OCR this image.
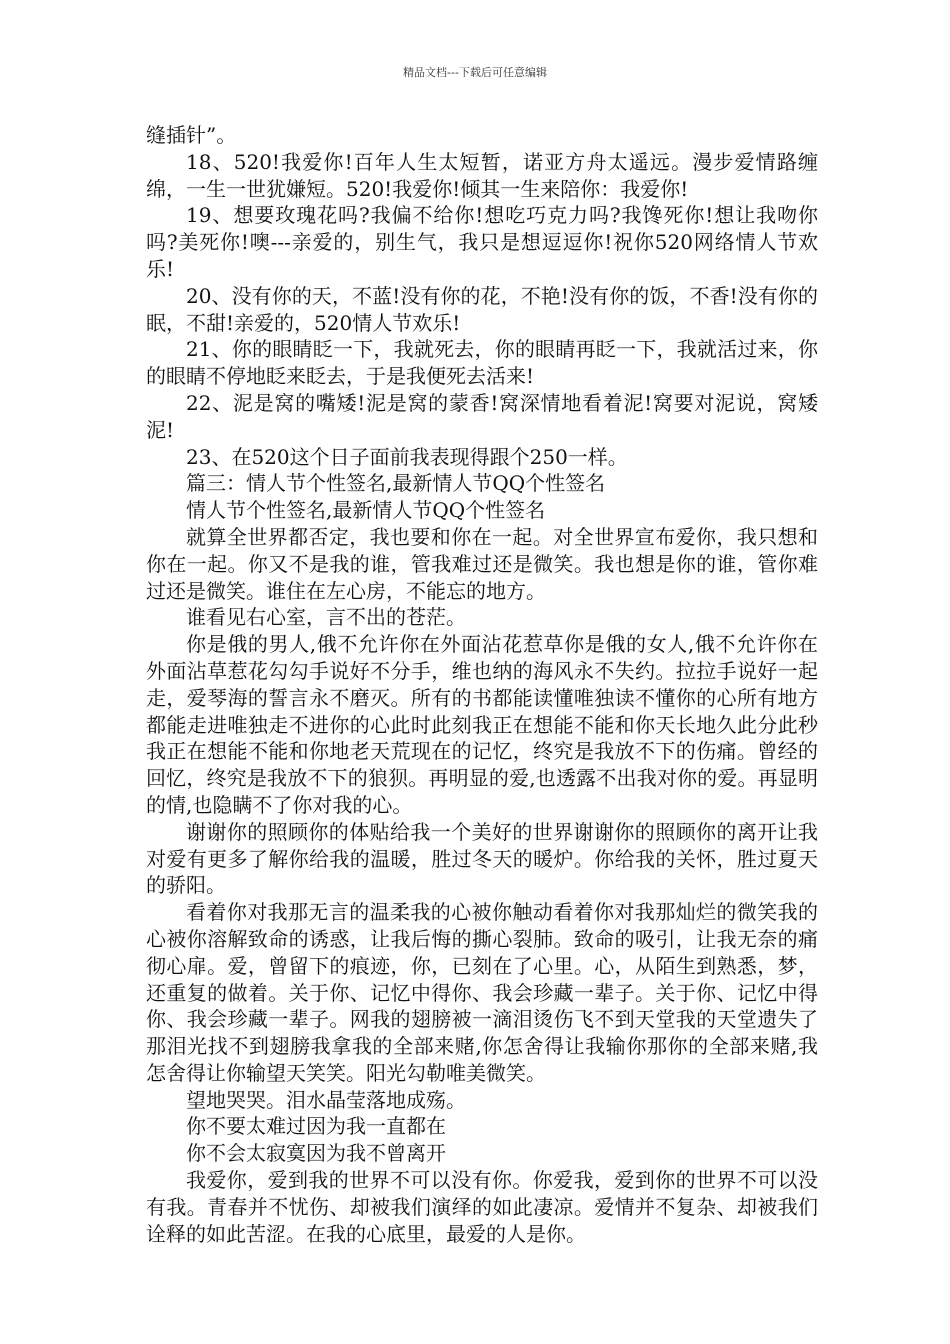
精品文档---下载后可任意编辑

缝插针”。

18、520!我爱你!百年人生太短暂，诺亚方舟太遥远。漫步爱情路缠绵，一生一世犹嫌短。520!我爱你!倾其一生来陪你：我爱你!

19、想要玫瑰花吗?我偏不给你!想吃巧克力吗?我馋死你!想让我吻你吗?美死你!噢---亲爱的，别生气，我只是想逗逗你!祝你520网络情人节欢乐!

20、没有你的天，不蓝!没有你的花，不艳!没有你的饭，不香!没有你的眠，不甜!亲爱的，520情人节欢乐!

21、你的眼睛眨一下，我就死去，你的眼睛再眨一下，我就活过来，你的眼睛不停地眨来眨去，于是我便死去活来!

22、泥是窝的嘴矮!泥是窝的蒙香!窝深情地看着泥!窝要对泥说，窝矮泥!

23、在520这个日子面前我表现得跟个250一样。

篇三：情人节个性签名,最新情人节QQ个性签名

情人节个性签名,最新情人节QQ个性签名

就算全世界都否定，我也要和你在一起。对全世界宣布爱你，我只想和你在一起。你又不是我的谁，管我难过还是微笑。我也想是你的谁，管你难过还是微笑。谁住在左心房，不能忘的地方。

谁看见右心室，言不出的苍茫。

你是俄的男人,俄不允许你在外面沾花惹草你是俄的女人,俄不允许你在外面沾草惹花勾勾手说好不分手，维也纳的海风永不失约。拉拉手说好一起走，爱琴海的誓言永不磨灭。所有的书都能读懂唯独读不懂你的心所有地方都能走进唯独走不进你的心此时此刻我正在想能不能和你天长地久此分此秒我正在想能不能和你地老天荒现在的记忆，终究是我放不下的伤痛。曾经的回忆，终究是我放不下的狼狈。再明显的爱,也透露不出我对你的爱。再显明的情,也隐瞒不了你对我的心。

谢谢你的照顾你的体贴给我一个美好的世界谢谢你的照顾你的离开让我对爱有更多了解你给我的温暖，胜过冬天的暖炉。你给我的关怀，胜过夏天的骄阳。

看着你对我那无言的温柔我的心被你触动看着你对我那灿烂的微笑我的心被你溶解致命的诱惑，让我后悔的撕心裂肺。致命的吸引，让我无奈的痛彻心扉。爱，曾留下的痕迹，你，已刻在了心里。心，从陌生到熟悉，梦，还重复的做着。关于你、记忆中得你、我会珍藏一辈子。关于你、记忆中得你、我会珍藏一辈子。网我的翅膀被一滴泪烫伤飞不到天堂我的天堂遗失了那泪光找不到翅膀我拿我的全部来赌,你怎舍得让我输你那你的全部来赌,我怎舍得让你输望天笑笑。阳光勾勒唯美微笑。

望地哭哭。泪水晶莹落地成殇。

你不要太难过因为我一直都在

你不会太寂寞因为我不曾离开

我爱你，爱到我的世界不可以没有你。你爱我，爱到你的世界不可以没有我。青春并不忧伤、却被我们演绎的如此凄凉。爱情并不复杂、却被我们诠释的如此苦涩。在我的心底里，最爱的人是你。
